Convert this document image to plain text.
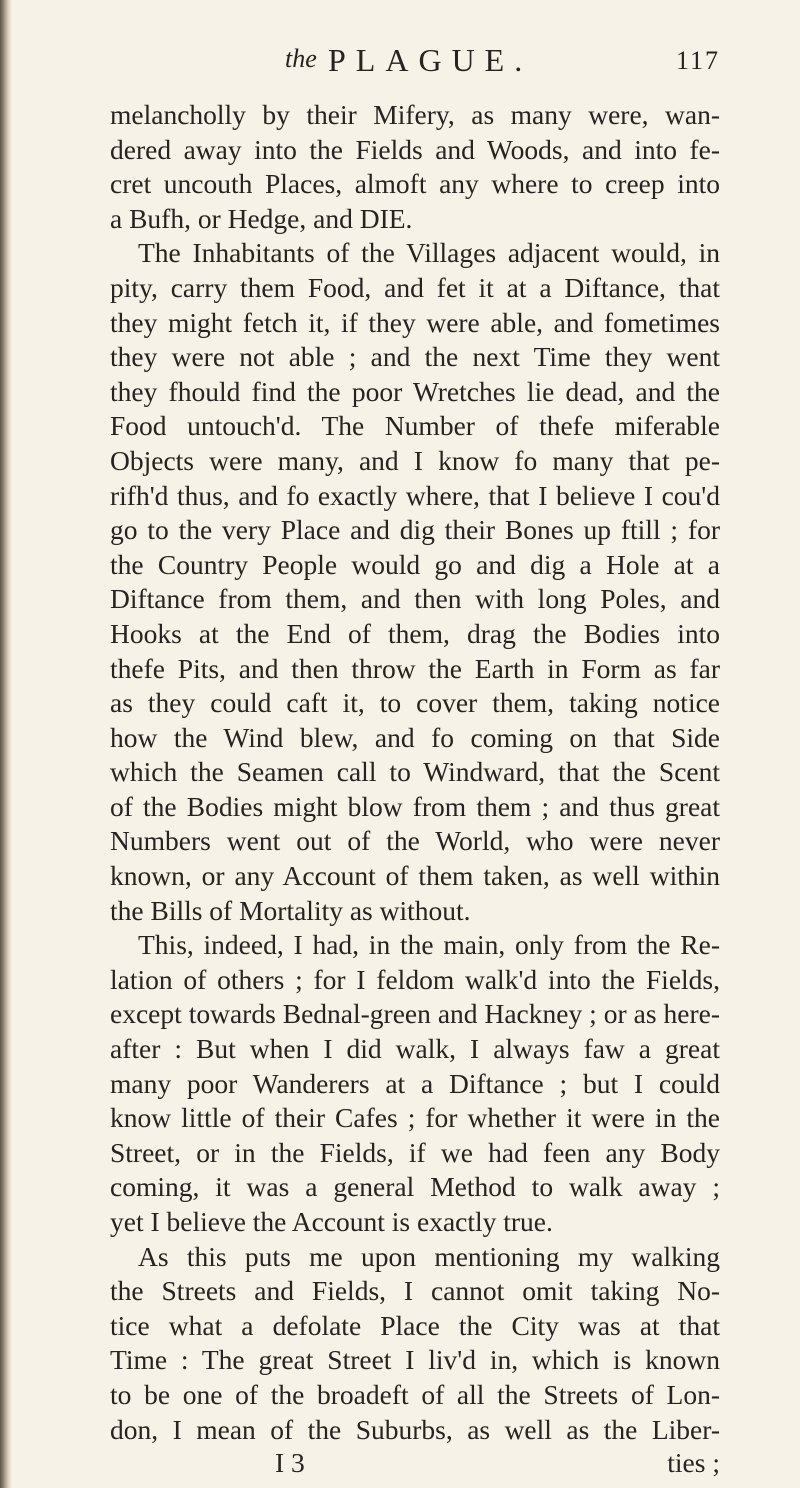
the PLAGUE.	117
melancholly by their Mifery, as many were, wan-
dered away into the Fields and Woods, and into fe-
cret uncouth Places, almoft any where to creep into
a Bufh, or Hedge, and DIE.
The Inhabitants of the Villages adjacent would, in
pity, carry them Food, and fet it at a Diftance, that
they might fetch it, if they were able, and fometimes
they were not able ; and the next Time they went
they fhould find the poor Wretches lie dead, and the
Food untouch'd. The Number of thefe miferable
Objects were many, and I know fo many that pe-
rifh'd thus, and fo exactly where, that I believe I cou'd
go to the very Place and dig their Bones up ftill ; for
the Country People would go and dig a Hole at a
Diftance from them, and then with long Poles, and
Hooks at the End of them, drag the Bodies into
thefe Pits, and then throw the Earth in Form as far
as they could caft it, to cover them, taking notice
how the Wind blew, and fo coming on that Side
which the Seamen call to Windward, that the Scent
of the Bodies might blow from them ; and thus great
Numbers went out of the World, who were never
known, or any Account of them taken, as well within
the Bills of Mortality as without.
This, indeed, I had, in the main, only from the Re-
lation of others ; for I feldom walk'd into the Fields,
except towards Bednal-green and Hackney ; or as here-
after : But when I did walk, I always faw a great
many poor Wanderers at a Diftance ; but I could
know little of their Cafes ; for whether it were in the
Street, or in the Fields, if we had feen any Body
coming, it was a general Method to walk away ;
yet I believe the Account is exactly true.
As this puts me upon mentioning my walking
the Streets and Fields, I cannot omit taking No-
tice what a defolate Place the City was at that
Time : The great Street I liv'd in, which is known
to be one of the broadeft of all the Streets of Lon-
don, I mean of the Suburbs, as well as the Liber-
I 3	ties ;
